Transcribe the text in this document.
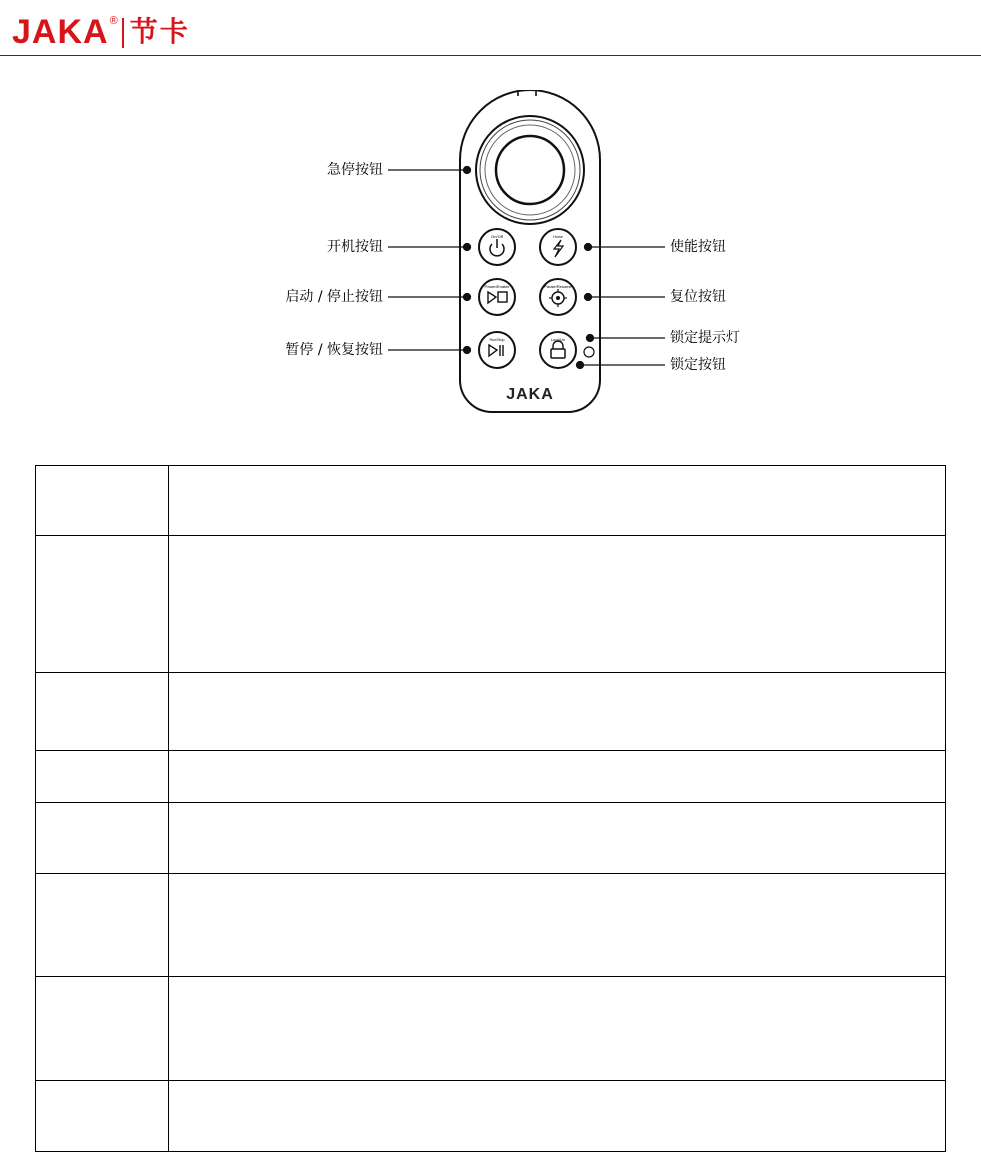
JAKA ® 节卡
On/Off
Power/Enable
Run/Stop
Home
Pause/Resume
Lock/Un
JAKA
急停按钮
开机按钮
启动 / 停止按钮
暂停 / 恢复按钮
使能按钮
复位按钮
锁定提示灯
锁定按钮
